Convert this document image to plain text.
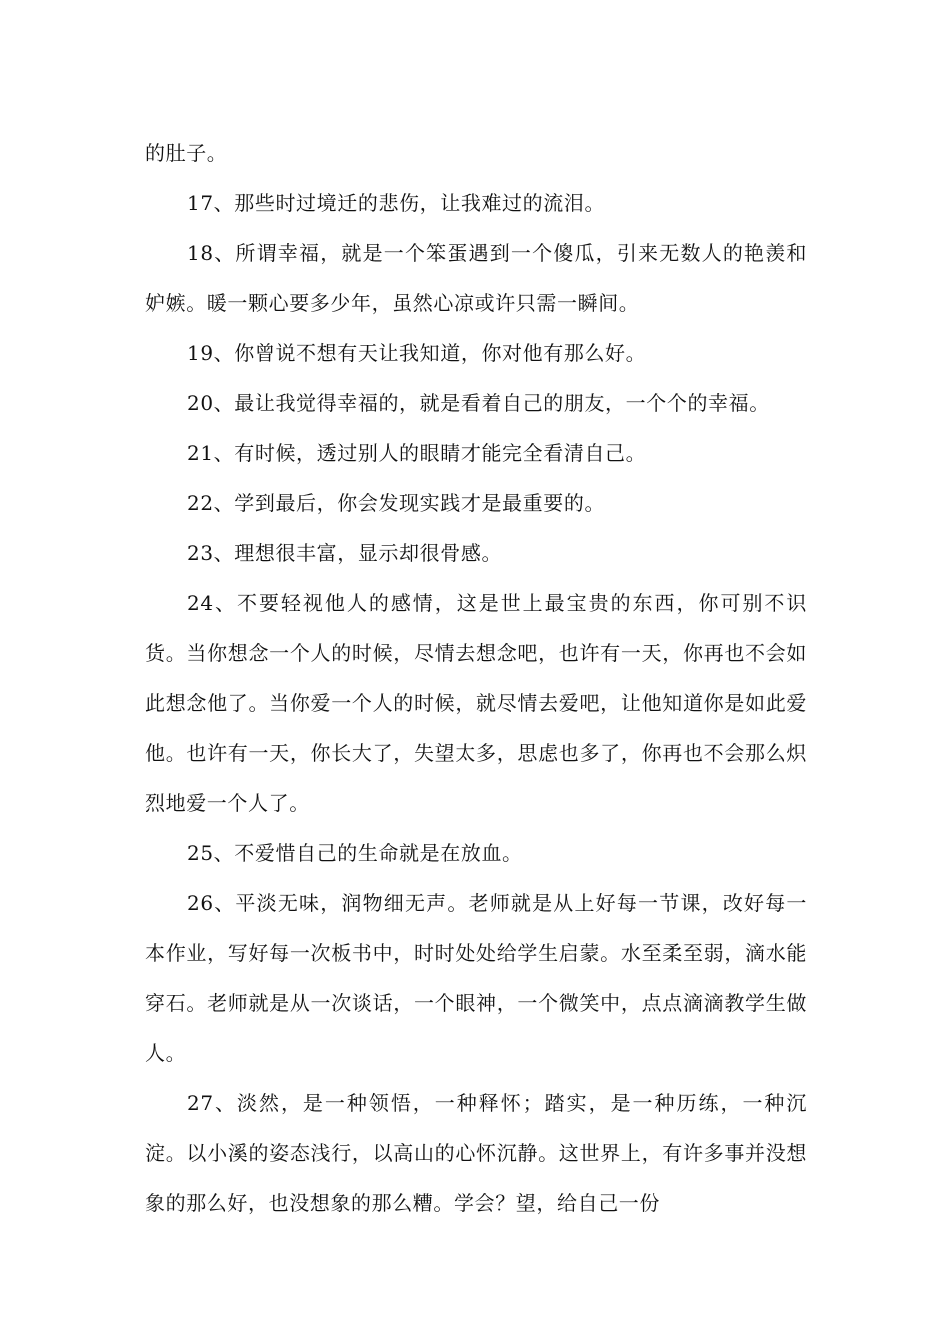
的肚子。

17、那些时过境迁的悲伤，让我难过的流泪。

18、所谓幸福，就是一个笨蛋遇到一个傻瓜，引来无数人的艳羡和妒嫉。暖一颗心要多少年，虽然心凉或许只需一瞬间。

19、你曾说不想有天让我知道，你对他有那么好。

20、最让我觉得幸福的，就是看着自己的朋友，一个个的幸福。

21、有时候，透过别人的眼睛才能完全看清自己。

22、学到最后，你会发现实践才是最重要的。

23、理想很丰富，显示却很骨感。

24、不要轻视他人的感情，这是世上最宝贵的东西，你可别不识货。当你想念一个人的时候，尽情去想念吧，也许有一天，你再也不会如此想念他了。当你爱一个人的时候，就尽情去爱吧，让他知道你是如此爱他。也许有一天，你长大了，失望太多，思虑也多了，你再也不会那么炽烈地爱一个人了。

25、不爱惜自己的生命就是在放血。

26、平淡无味，润物细无声。老师就是从上好每一节课，改好每一本作业，写好每一次板书中，时时处处给学生启蒙。水至柔至弱，滴水能穿石。老师就是从一次谈话，一个眼神，一个微笑中，点点滴滴教学生做人。

27、淡然，是一种领悟，一种释怀；踏实，是一种历练，一种沉淀。以小溪的姿态浅行，以高山的心怀沉静。这世界上，有许多事并没想象的那么好，也没想象的那么糟。学会？望，给自己一份
